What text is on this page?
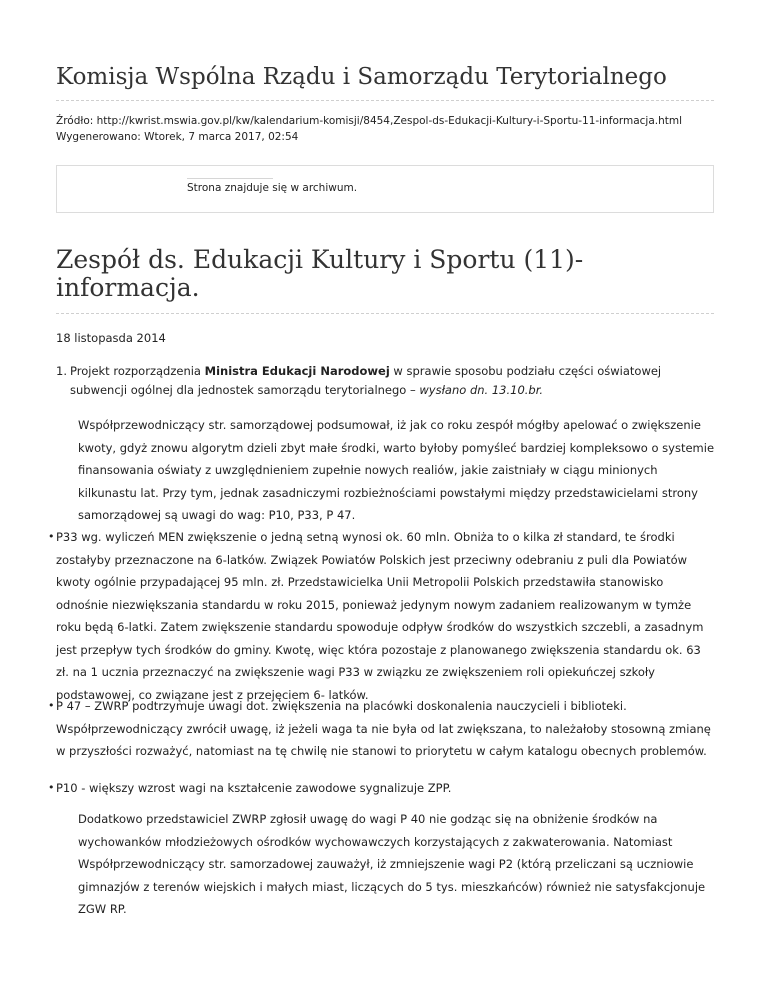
Komisja Wspólna Rządu i Samorządu Terytorialnego
Źródło: http://kwrist.mswia.gov.pl/kw/kalendarium-komisji/8454,Zespol-ds-Edukacji-Kultury-i-Sportu-11-informacja.html
Wygenerowano: Wtorek, 7 marca 2017, 02:54
Strona znajduje się w archiwum.
Zespół ds. Edukacji Kultury i Sportu (11)-informacja.
18 listopasda 2014
1. Projekt rozporządzenia Ministra Edukacji Narodowej w sprawie sposobu podziału części oświatowej subwencji ogólnej dla jednostek samorządu terytorialnego – wysłano dn. 13.10.br.

Współprzewodniczący str. samorządowej podsumował, iż jak co roku zespół mógłby apelować o zwiększenie kwoty, gdyż znowu algorytm dzieli zbyt małe środki, warto byłoby pomyśleć bardziej kompleksowo o systemie finansowania oświaty z uwzględnieniem zupełnie nowych realiów, jakie zaistniały w ciągu minionych kilkunastu lat. Przy tym, jednak zasadniczymi rozbieżnościami powstałymi między przedstawicielami strony samorządowej są uwagi do wag: P10, P33, P 47.

• P33 wg. wyliczeń MEN zwiększenie o jedną setną wynosi ok. 60 mln. Obniża to o kilka zł standard, te środki zostałyby przeznaczone na 6-latków. Związek Powiatów Polskich jest przeciwny odebraniu z puli dla Powiatów kwoty ogólnie przypadającej 95 mln. zł. Przedstawicielka Unii Metropolii Polskich przedstawiła stanowisko odnośnie niezwiększania standardu w roku 2015, ponieważ jedynym nowym zadaniem realizowanym w tymże roku będą 6-latki. Zatem zwiększenie standardu spowoduje odpływ środków do wszystkich szczebli, a zasadnym jest przepływ tych środków do gminy. Kwotę, więc która pozostaje z planowanego zwiększenia standardu ok. 63 zł. na 1 ucznia przeznaczyć na zwiększenie wagi P33 w związku ze zwiększeniem roli opiekuńczej szkoły podstawowej, co związane jest z przejęciem 6- latków.
• P 47 – ZWRP podtrzymuje uwagi dot. zwiększenia na placówki doskonalenia nauczycieli i biblioteki. Współprzewodniczący zwrócił uwagę, iż jeżeli waga ta nie była od lat zwiększana, to należałoby stosowną zmianę w przyszłości rozważyć, natomiast na tę chwilę nie stanowi to priorytetu w całym katalogu obecnych problemów.
• P10 - większy wzrost wagi na kształcenie zawodowe sygnalizuje ZPP.

Dodatkowo przedstawiciel ZWRP zgłosił uwagę do wagi P 40 nie godząc się na obniżenie środków na wychowanków młodzieżowych ośrodków wychowawczych korzystających z zakwaterowania. Natomiast Współprzewodniczący str. samorzadowej zauważył, iż zmniejszenie wagi P2 (którą przeliczani są uczniowie gimnazjów z terenów wiejskich i małych miast, liczących do 5 tys. mieszkańców) również nie satysfakcjonuje ZGW RP.
